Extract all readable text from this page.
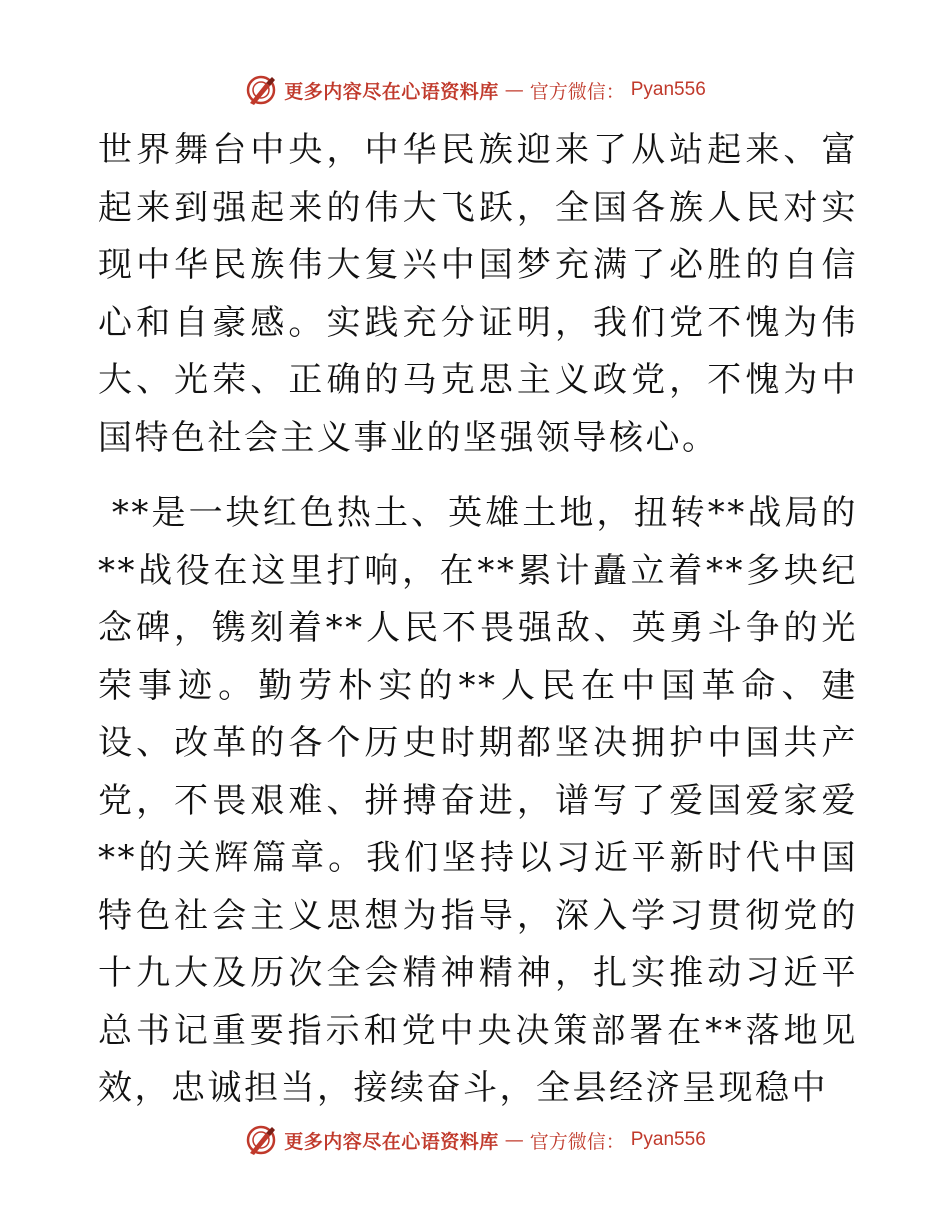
更多内容尽在心语资料库 — 官方微信： Pyan556

世界舞台中央，中华民族迎来了从站起来、富起来到强起来的伟大飞跃，全国各族人民对实现中华民族伟大复兴中国梦充满了必胜的自信心和自豪感。实践充分证明，我们党不愧为伟大、光荣、正确的马克思主义政党，不愧为中国特色社会主义事业的坚强领导核心。

**是一块红色热土、英雄土地，扭转**战局的**战役在这里打响，在**累计矗立着**多块纪念碑，镌刻着**人民不畏强敌、英勇斗争的光荣事迹。勤劳朴实的**人民在中国革命、建设、改革的各个历史时期都坚决拥护中国共产党，不畏艰难、拼搏奋进，谱写了爱国爱家爱**的关辉篇章。我们坚持以习近平新时代中国特色社会主义思想为指导，深入学习贯彻党的十九大及历次全会精神精神，扎实推动习近平总书记重要指示和党中央决策部署在**落地见效，忠诚担当，接续奋斗，全县经济呈现稳中

更多内容尽在心语资料库 — 官方微信： Pyan556
